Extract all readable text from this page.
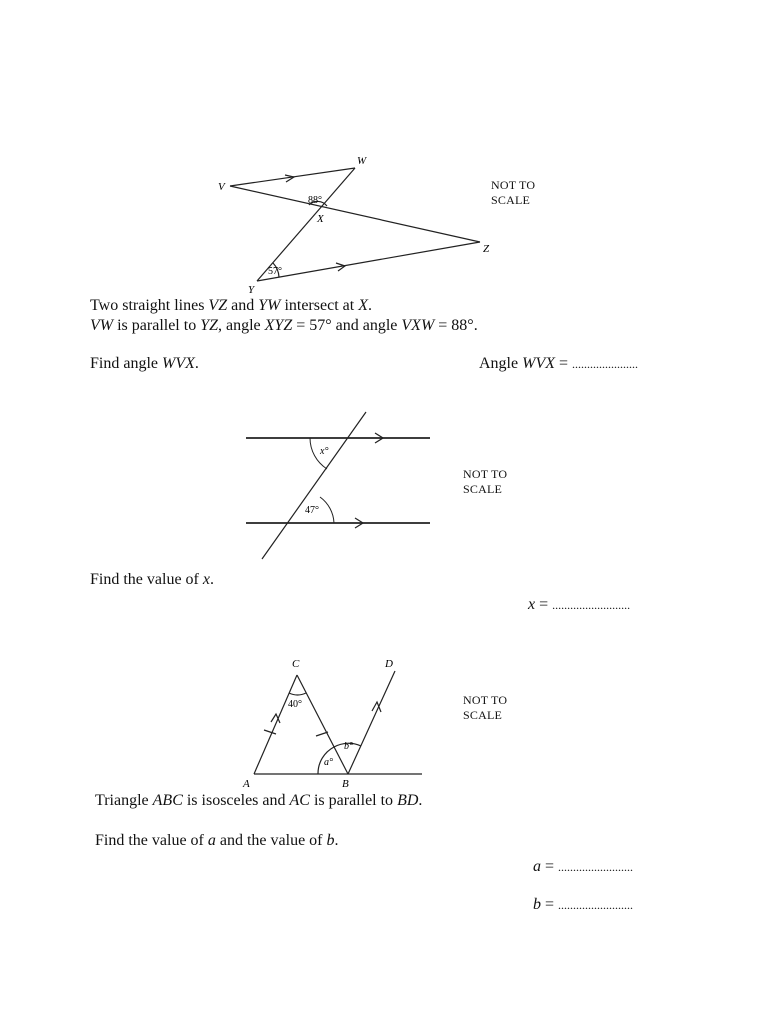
V
W
X
Y
Z
88°
57°
NOT TO
SCALE
Two straight lines VZ and YW intersect at X.
VW is parallel to YZ, angle XYZ = 57° and angle VXW = 88°.
Find angle WVX.	Angle WVX = ......................
x°
47°
NOT TO
SCALE
Find the value of x.
x = ..........................
C	D
A	B
40°
a°
b°
NOT TO
SCALE
Triangle ABC is isosceles and AC is parallel to BD.
Find the value of a and the value of b.
a = .........................
b = .........................
